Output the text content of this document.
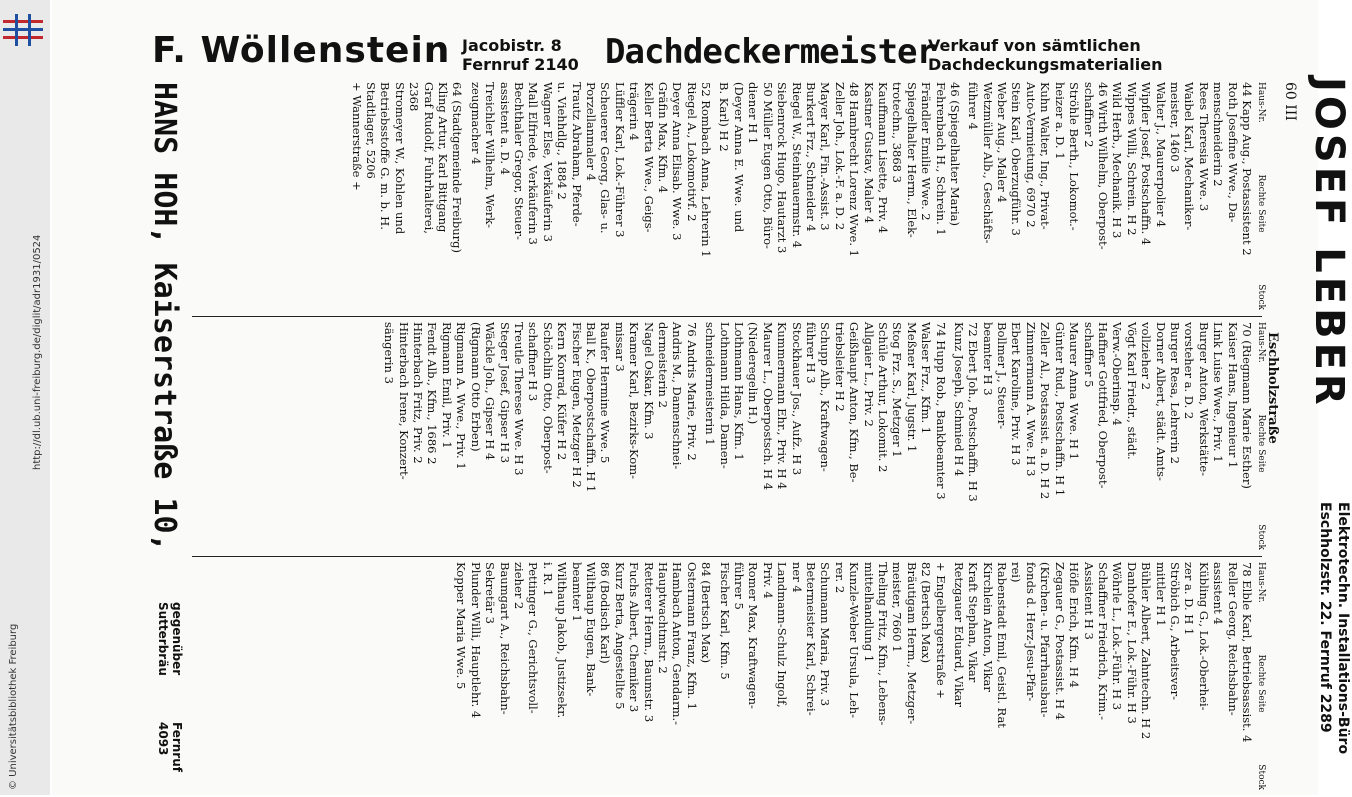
http://dl.ub.uni-freiburg.de/diglit/adr1931/0524
© Universitätsbibliothek Freiburg
F. Wöllenstein Jacobistr. 8
Fernruf 2140 Dachdeckermeister
Verkauf von sämtlichen
Dachdeckungsmaterialien
60 III JOSEF LEBER
Elektrotechn. Installations-Büro
Eschholzstr. 22. Fernruf 2289
Eschholzstraße
Haus-Nr.
Rechte Seite
Stock
44 Kapp Aug., Postassistent 2
Roth Josefine Wwe., Da-
menschneiderin 2
Rees Theresia Wwe. 3
Waibel Karl, Mechaniker-
meister, 1460 3
Walter J., Maurerpolier 4
Wipfler Josef, Postschaffn. 4
Wippes Willi, Schrein. H 2
Wild Herb., Mechanik. H 3
46 Wirth Wilhelm, Oberpost-
schaffner 2
Ströhle Berth., Lokomot.-
heizer a. D. 1
Kuhn Walter, Ing., Privat-
Auto-Vermietung, 6970 2
Stein Karl, Oberzugführ. 3
Weber Aug., Maler 4
Wetzmüller Alb., Geschäfts-
führer 4
46 (Spiegelhalter Maria)
Fehrenbach H., Schrein. 1
Frändler Emilie Wwe. 2
Spiegelhalter Herm., Elek-
trotechn., 3868 3
Kauffmann Lisette, Priv. 4
Kastner Gustav, Maler 4
48 Hambrecht Lorenz Wwe. 1
Zeller Joh., Lok.-F. a. D. 2
Mayer Karl, Fin.-Assist. 3
Burkert Frz., Schneider 4
Riegel W., Steinhauermstr. 4
Siebenrock Hugo, Hautarzt 3
50 Müller Eugen Otto, Büro-
diener H 1
(Deyer Anna E. Wwe. und
B. Karl) H 2
52 Rombach Anna, Lehrerin 1
Riegel A., Lokomotivf. 2
Deyer Anna Elisab. Wwe. 3
Gräfin Max, Kfm. 4
Keller Berta Wwe., Geigs-
trägerin 4
Lüffler Karl, Lok.-Führer 3
Scheuerer Georg, Glas- u.
Porzellanmaler 4
Trautz Abraham, Pferde-
u. Viehhdlg., 1884 2
Wagner Else, Verkäuferin 3
Mall Elfriede, Verkäuferin 3
Bechthaler Gregor, Steuer-
assistent a. D. 4
Treichler Wilhelm, Werk-
zeugmacher 4
64 (Stadtgemeinde Freiburg)
Kling Artur, Karl Bittgang
Graf Rudolf, Fuhrhalterei,
2368
Stromeyer W., Kohlen und
Betriebsstoffe G. m. b. H.
Stadtlager, 5206
+ Wannerstraße +
Haus-Nr.
Rechte Seite
Stock
70 (Riegmann Marie Esther)
Kaiser Hans, Ingenieur 1
Link Luise Wwe., Priv. 1
Burger Anton, Werkstätte-
vorsteher a. D. 2
Burger Resa, Lehrerin 2
Dorner Albert, städt. Amts-
vollzieher 2
Vögt Karl Friedr., städt.
Verw.-Oberinsp. 4
Haffner Gottfried, Oberpost-
schaffner 5
Maurer Anna Wwe. H 1
Günter Rud., Postschaffn. H 1
Zeller Al., Postassist. a. D. H 2
Zimmermann A. Wwe. H 3
Ebert Karoline, Priv. H 3
Bollmer J., Steuer-
beamter H 3
72 Ebert Joh., Postschaffn. H 3
Kunz Joseph, Schmied H 4
74 Hupp Rob., Bankbeamter 3
Walser Frz., Kfm. 1
Meßner Karl, Jugstr. 1
Stog Frz. S., Metzger 1
Schüle Arthur, Lokomit. 2
Allgaier L., Priv. 2
Geißhaupt Anton, Kfm., Be-
triebsleiter H 2
Schupp Alb., Kraftwagen-
führer H 3
Stockhauer Jos., Aufz. H 3
Kummermann Ehr., Priv. H 4
Maurer L., Oberpostsch. H 4
(Niederegelin H.)
Lothmann Hans, Kfm. 1
Lothmann Hilda, Damen-
schneidermeisterin 1
76 Andris Marie, Priv. 2
Andris M., Damenschnei-
dermeisterin 2
Nagel Oskar, Kfm. 3
Kramer Karl, Bezirks-Kom-
missar 3
Raufer Hermine Wwe. 5
Ball K., Oberpostschaffn. H 1
Fischer Eugen, Metzger H 2
Kern Konrad, Küfer H 2
Schöchlin Otto, Oberpost-
schaffner H 3
Treutle Therese Wwe. H 3
Steger Josef, Gipser H 3
Wäckle Joh., Gipser H 4
(Rigmann Otto Erben)
Rigmann A. Wwe., Priv. 1
Rigmann Emil, Priv. 1
Fendt Alb., Kfm., 1686 2
Hinterbach Fritz, Priv. 2
Hinterbach Irene, Konzert-
sängerin 3
Haus-Nr.
Rechte Seite
Stock
78 Elble Karl, Betriebsassist. 4
Reller Georg, Reichsbahn-
assistent 4
Kübling G., Lok.-Oberhei-
zer a. D. H 1
Ströbich G., Arbeitsver-
mittler H 1
Bühler Albert, Zahntechn. H 2
Danhofer E., Lok.-Führ. H 3
Wöhrle L., Lok.-Führ. H 3
Schaffner Friedrich, Krim.-
Assistent H 3
Höfle Erich, Kfm. H 4
Zegauer G., Postassist. H 4
(Kirchen- u. Pfarrhausbau-
fonds d. Herz-Jesu-Pfar-
rei)
Rabenstadt Emil, Geistl. Rat
Kirchlein Anton, Vikar
Kraft Stephan, Vikar
Retzgauer Eduard, Vikar
+ Engelbergerstraße +
82 (Bertsch Max)
Bräutigam Herm., Metzger-
meister, 7660 1
Theling Fritz, Kfm., Lebens-
mittelhandlung 1
Kunzle-Weber Ursula, Leh-
rer. 2
Schumann Maria, Priv. 3
Betermeister Karl, Schrei-
ner 4
Landmann-Schulz Ingolf,
Priv. 4
Romer Max, Kraftwagen-
führer 5
Fischer Karl, Kfm. 5
84 (Bertsch Max)
Ostermann Franz, Kfm. 1
Hambach Anton, Gendarm.-
Hauptwachtmstr. 2
Retterer Herm., Baumstr. 3
Fuchs Albert, Chemiker 3
Kurz Berta, Angestellte 5
86 (Bodisch Karl)
Wilthaup Eugen, Bank-
beamter 1
Wilthaup Jakob, Justizsekr.
i. R. 1
Pettinger G., Gerichtsvoll-
zieher 2
Baumgart A., Reichsbahn-
Sekretär 3
Plunder Willi, Hauptlehr. 4
Kopper Maria Wwe. 5
HANS HOH, Kaiserstraße 10,
gegenüber Sutterbräu
Fernruf 4093
